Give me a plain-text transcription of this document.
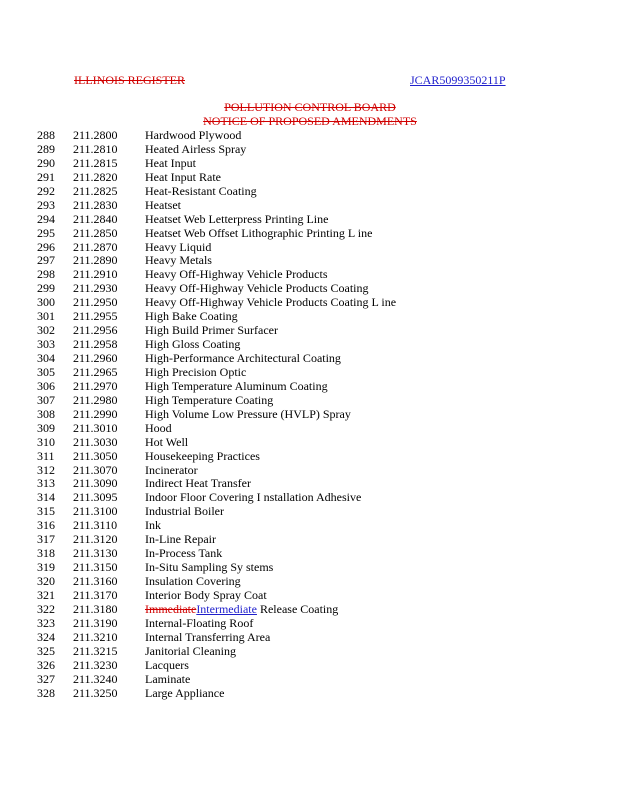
ILLINOIS REGISTER	JCAR5099350211P
POLLUTION CONTROL BOARD
NOTICE OF PROPOSED AMENDMENTS
288	211.2800	Hardwood Plywood
289	211.2810	Heated Airless Spray
290	211.2815	Heat Input
291	211.2820	Heat Input Rate
292	211.2825	Heat-Resistant Coating
293	211.2830	Heatset
294	211.2840	Heatset Web Letterpress Printing Line
295	211.2850	Heatset Web Offset Lithographic Printing L ine
296	211.2870	Heavy Liquid
297	211.2890	Heavy Metals
298	211.2910	Heavy Off-Highway Vehicle Products
299	211.2930	Heavy Off-Highway Vehicle Products Coating
300	211.2950	Heavy Off-Highway Vehicle Products Coating L ine
301	211.2955	High Bake Coating
302	211.2956	High Build Primer Surfacer
303	211.2958	High Gloss Coating
304	211.2960	High-Performance Architectural Coating
305	211.2965	High Precision Optic
306	211.2970	High Temperature Aluminum Coating
307	211.2980	High Temperature Coating
308	211.2990	High Volume Low Pressure (HVLP) Spray
309	211.3010	Hood
310	211.3030	Hot Well
311	211.3050	Housekeeping Practices
312	211.3070	Incinerator
313	211.3090	Indirect Heat Transfer
314	211.3095	Indoor Floor Covering I nstallation Adhesive
315	211.3100	Industrial Boiler
316	211.3110	Ink
317	211.3120	In-Line Repair
318	211.3130	In-Process Tank
319	211.3150	In-Situ Sampling Sy stems
320	211.3160	Insulation Covering
321	211.3170	Interior Body Spray Coat
322	211.3180	ImmediateIntermediate Release Coating
323	211.3190	Internal-Floating Roof
324	211.3210	Internal Transferring Area
325	211.3215	Janitorial Cleaning
326	211.3230	Lacquers
327	211.3240	Laminate
328	211.3250	Large Appliance
